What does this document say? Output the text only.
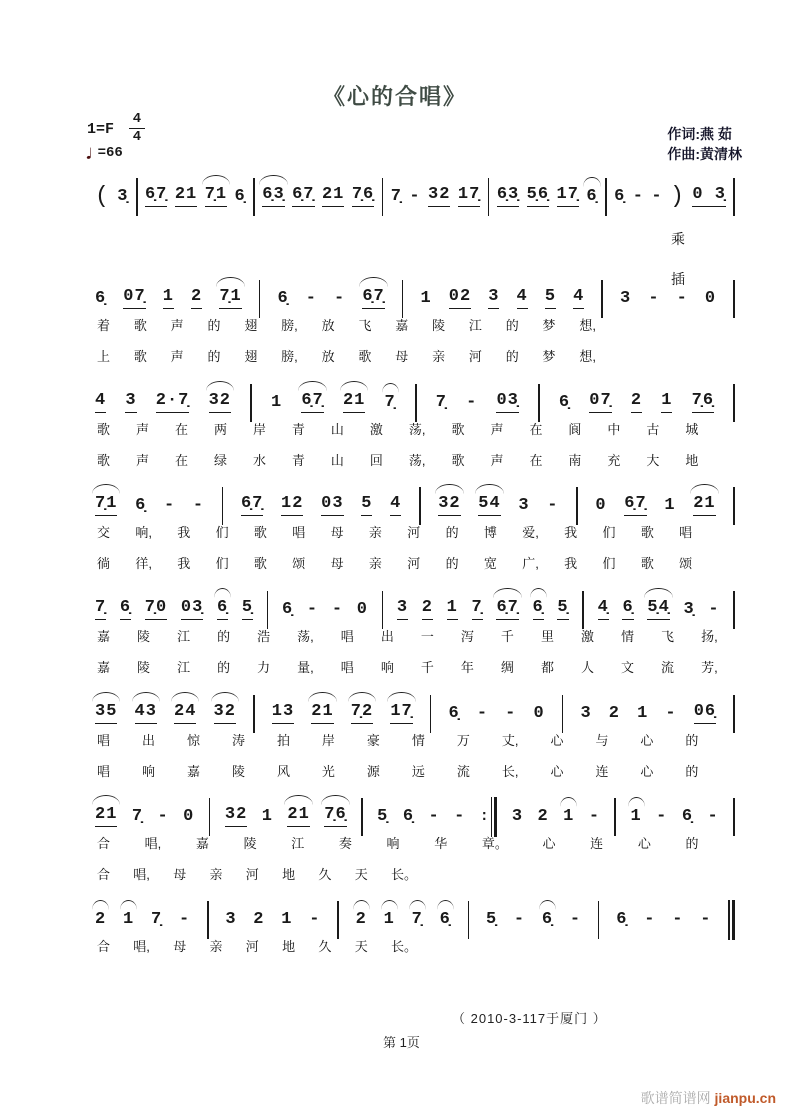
《心的合唱》
$1=F \frac{4}{4}$
♩=66
作词:燕 茹
作曲:黄清林
( 3̣ 6̣7̣ 21 7̣1 6̣ 6̣3̣ 6̣7̣ 21 7̣6̣ 7̣ - 32 17̣ 6̣3̣ 5̣6̣ 17̣ 6̣ 6̣ - - ) 0 3̣
乘
插
6̣ 07̣ 1 2 7̣1 6̣ - - 6̣7̣ 1 02 3 4 5 4 3 - - 0
着 歌 声 的 翅 膀, 放 飞 嘉 陵 江 的 梦 想,
上 歌 声 的 翅 膀, 放 歌 母 亲 河 的 梦 想,
4 3 2·7̣ 32 1 6̣7̣ 21 7̣ 7̣ - 03̣ 6̣ 07̣ 2 1 7̣6̣
歌 声 在 两 岸 青 山 激 荡, 歌 声 在 阆 中 古 城
歌 声 在 绿 水 青 山 回 荡, 歌 声 在 南 充 大 地
7̣1 6̣ - - 6̣7̣ 12 03 5 4 32 54 3 - 0 6̣7̣ 1 21
交 响, 我 们 歌 唱 母 亲 河 的 博 爱, 我 们 歌 唱
徜 徉, 我 们 歌 颂 母 亲 河 的 宽 广, 我 们 歌 颂
7̣ 6̣ 7̣0 03̣ 6̣ 5̣ 6̣ - - 0 3 2 1 7̣ 6̣7̣ 6̣ 5̣ 4̣ 6̣ 5̣4̣ 3̣ -
嘉 陵 江 的 浩 荡, 唱 出 一 泻 千 里 激 情 飞 扬,
嘉 陵 江 的 力 量, 唱 响 千 年 绸 都 人 文 流 芳,
35 43 24 32 13 21 7̣2 17̣ 6̣ - - 0 3 2 1 - 06̣
唱 出 惊 涛 拍 岸 豪 情 万 丈, 心 与 心 的
唱 响 嘉 陵 风 光 源 远 流 长, 心 连 心 的
21 7̣ - 0 32 1 21 7̣6̣ 5̣ 6̣ - - : 3 2 1 - 1 - 6̣ -
合	唱,	嘉	陵	江	奏	响	华	章。	心	连	心	的
合 唱, 母 亲 河 地 久 天 长。
2 1 7̣ - 3 2 1 - 2 1 7̣ 6̣ 5̣ - 6̣ - 6̣ - - -
合 唱, 母 亲 河 地 久 天 长。
（ 2010-3-117于厦门 ）
第 1页
歌谱简谱网 jianpu.cn
